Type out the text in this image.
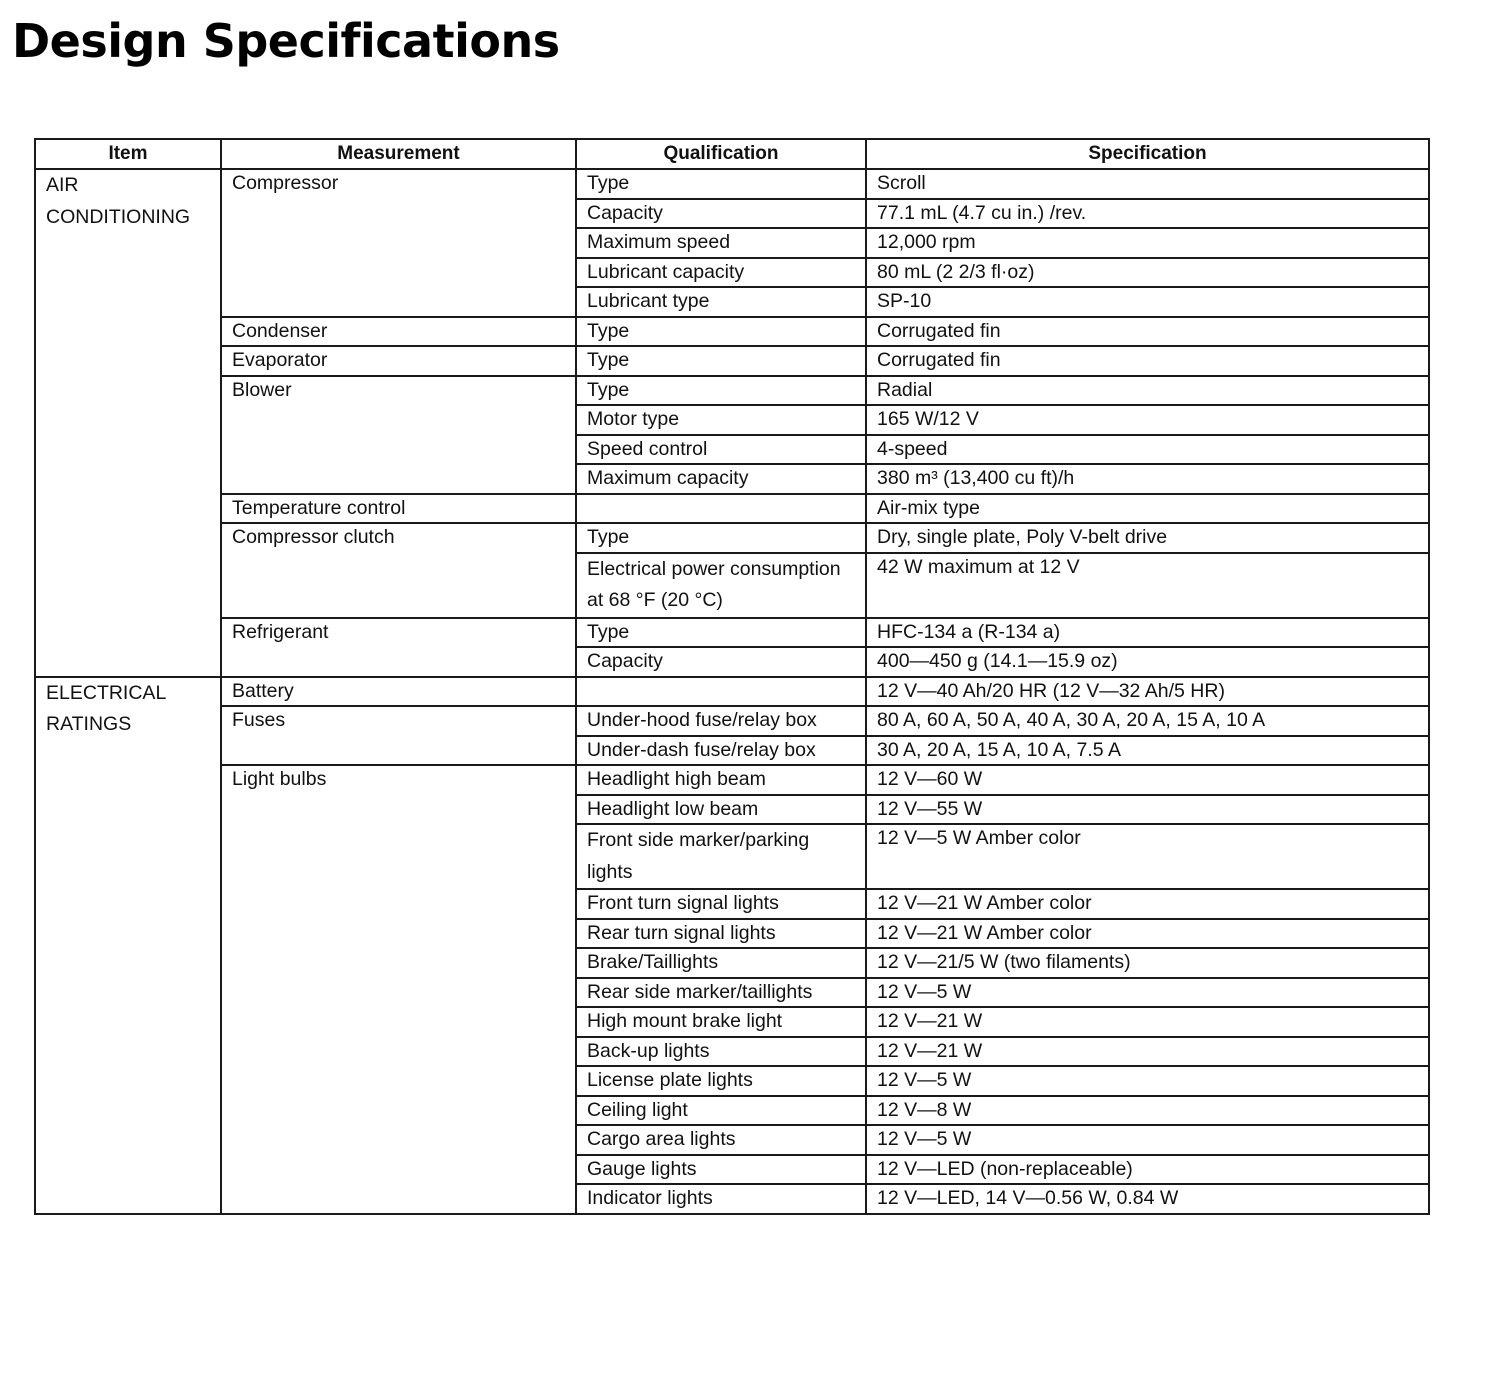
Design Specifications
Item	Measurement	Qualification	Specification
AIR
CONDITIONING	Compressor	Type	Scroll
		Capacity	77.1 mL (4.7 cu in.) /rev.
		Maximum speed	12,000 rpm
		Lubricant capacity	80 mL (2 2/3 fl·oz)
		Lubricant type	SP-10
	Condenser	Type	Corrugated fin
	Evaporator	Type	Corrugated fin
	Blower	Type	Radial
		Motor type	165 W/12 V
		Speed control	4-speed
		Maximum capacity	380 m³ (13,400 cu ft)/h
	Temperature control		Air-mix type
	Compressor clutch	Type	Dry, single plate, Poly V-belt drive
		Electrical power consumption at 68 °F (20 °C)	42 W maximum at 12 V
	Refrigerant	Type	HFC-134 a (R-134 a)
		Capacity	400—450 g (14.1—15.9 oz)
ELECTRICAL
RATINGS	Battery		12 V—40 Ah/20 HR (12 V—32 Ah/5 HR)
	Fuses	Under-hood fuse/relay box	80 A, 60 A, 50 A, 40 A, 30 A, 20 A, 15 A, 10 A
		Under-dash fuse/relay box	30 A, 20 A, 15 A, 10 A, 7.5 A
	Light bulbs	Headlight high beam	12 V—60 W
		Headlight low beam	12 V—55 W
		Front side marker/parking lights	12 V—5 W Amber color
		Front turn signal lights	12 V—21 W Amber color
		Rear turn signal lights	12 V—21 W Amber color
		Brake/Taillights	12 V—21/5 W (two filaments)
		Rear side marker/taillights	12 V—5 W
		High mount brake light	12 V—21 W
		Back-up lights	12 V—21 W
		License plate lights	12 V—5 W
		Ceiling light	12 V—8 W
		Cargo area lights	12 V—5 W
		Gauge lights	12 V—LED (non-replaceable)
		Indicator lights	12 V—LED, 14 V—0.56 W, 0.84 W
